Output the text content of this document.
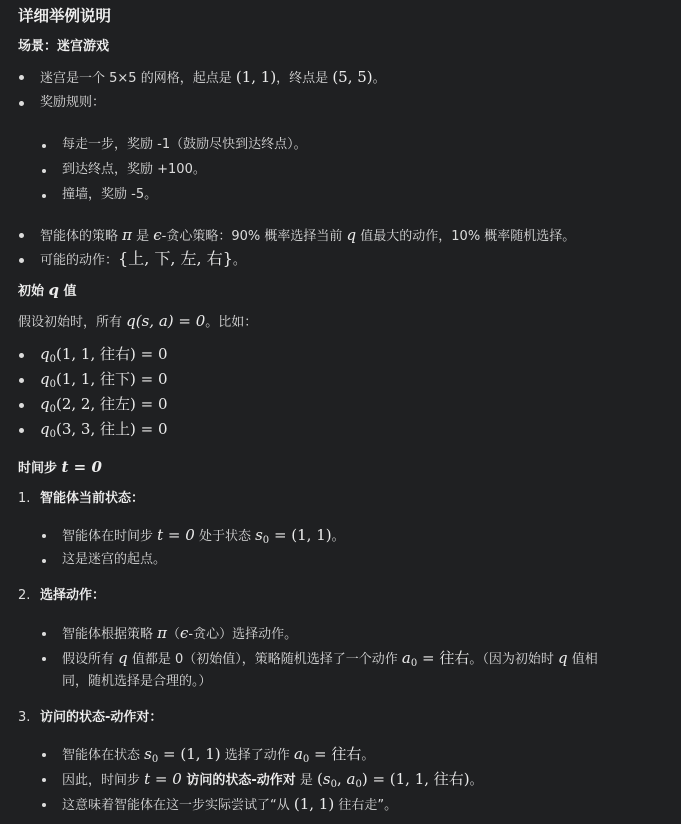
详细举例说明
场景：迷宫游戏
迷宫是一个 5×5 的网格，起点是 (1, 1)，终点是 (5, 5)。
奖励规则：
每走一步，奖励 -1（鼓励尽快到达终点）。
到达终点，奖励 +100。
撞墙，奖励 -5。
智能体的策略 π 是 ϵ-贪心策略：90% 概率选择当前 q 值最大的动作，10% 概率随机选择。
可能的动作：{上, 下, 左, 右}。
初始 q 值
假设初始时，所有 q(s, a) = 0。比如：
$q_0(1$, 1, 往右) = 0
$q_0(1$, 1, 往下) = 0
$q_0(2$, 2, 往左) = 0
$q_0(3$, 3, 往上) = 0
时间步 t = 0
1. 智能体当前状态：
智能体在时间步 t = 0 处于状态 $s_0 = (1$, 1)。
这是迷宫的起点。
2. 选择动作：
智能体根据策略 π（ϵ-贪心）选择动作。
假设所有 q 值都是 0（初始值），策略随机选择了一个动作 $a_0$ = 往右。（因为初始时 q 值相
同，随机选择是合理的。）
3. 访问的状态-动作对：
智能体在状态 $s_0 = (1$, 1) 选择了动作 $a_0$ = 往右。
因此，时间步 t = 0 访问的状态-动作对 是 ($s_0$, $a_0) = (1$, 1, 往右)。
这意味着智能体在这一步实际尝试了“从 (1, 1) 往右走”。
